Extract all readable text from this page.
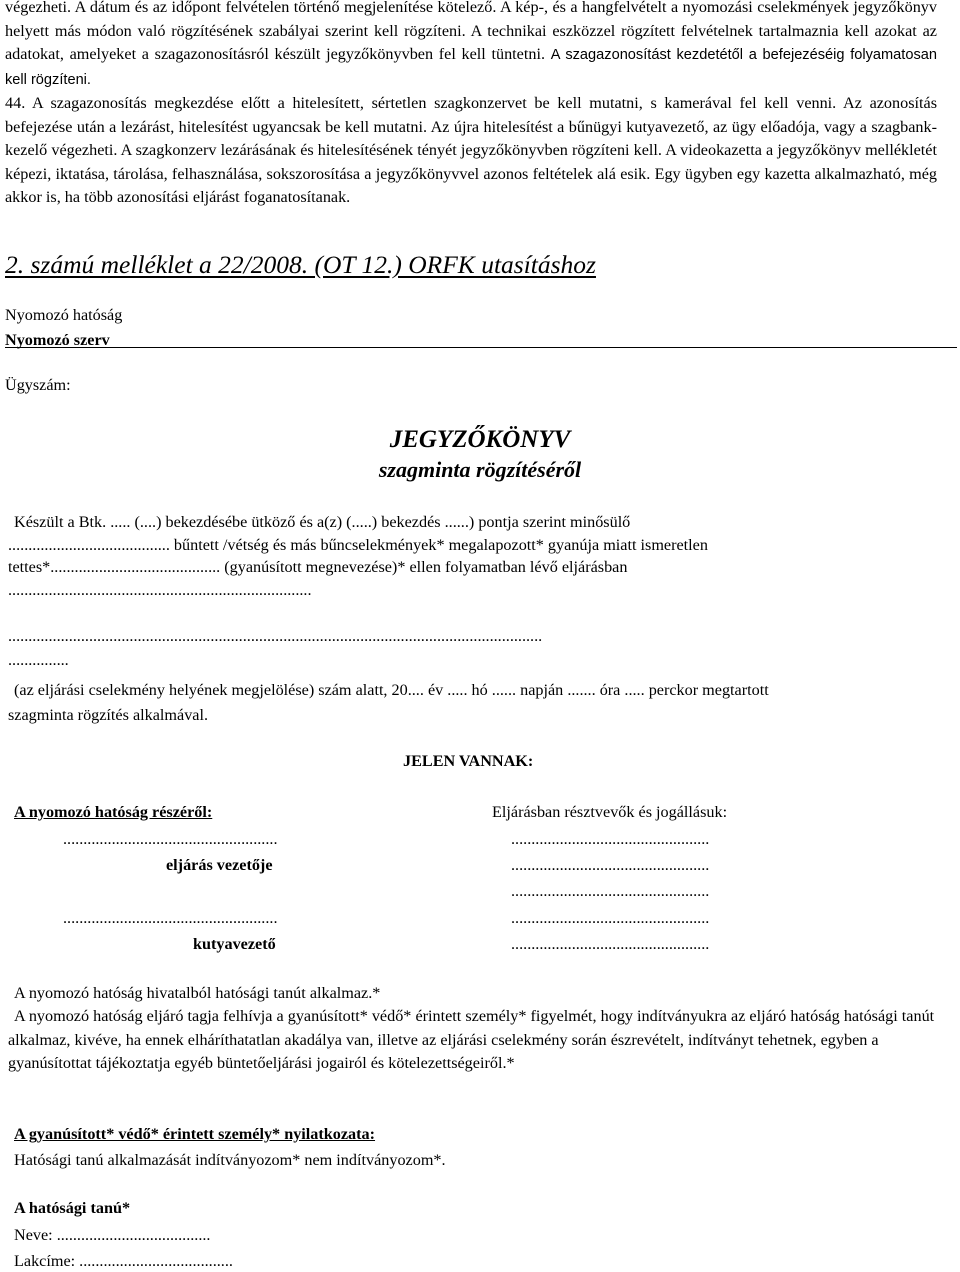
végezheti. A dátum és az időpont felvételen történő megjelenítése kötelező. A kép-, és a hangfelvételt a nyomozási cselekmények jegyzőkönyv helyett más módon való rögzítésének szabályai szerint kell rögzíteni. A technikai eszközzel rögzített felvételnek tartalmaznia kell azokat az adatokat, amelyeket a szagazonosításról készült jegyzőkönyvben fel kell tüntetni. A szagazonosítást kezdetétől a befejezéséig folyamatosan kell rögzíteni.

44. A szagazonosítás megkezdése előtt a hitelesített, sértetlen szagkonzervet be kell mutatni, s kamerával fel kell venni. Az azonosítás befejezése után a lezárást, hitelesítést ugyancsak be kell mutatni. Az újra hitelesítést a bűnügyi kutyavezető, az ügy előadója, vagy a szagbank-kezelő végezheti. A szagkonzerv lezárásának és hitelesítésének tényét jegyzőkönyvben rögzíteni kell. A videokazetta a jegyzőkönyv mellékletét képezi, iktatása, tárolása, felhasználása, sokszorosítása a jegyzőkönyvvel azonos feltételek alá esik. Egy ügyben egy kazetta alkalmazható, még akkor is, ha több azonosítási eljárást foganatosítanak.

2. számú melléklet a 22/2008. (OT 12.) ORFK utasításhoz
Nyomozó hatóság
Nyomozó szerv
Ügyszám:
JEGYZŐKÖNYV
szagminta rögzítéséről
Készült a Btk. ..... (....) bekezdésébe ütköző és a(z) (.....) bekezdés ......) pontja szerint minősülő
........................................ bűntett /vétség és más bűncselekmények* megalapozott* gyanúja miatt ismeretlen
tettes*.......................................... (gyanúsított megnevezése)* ellen folyamatban lévő eljárásban
...........................................................................
....................................................................................................................................
...............
(az eljárási cselekmény helyének megjelölése) szám alatt, 20.... év ..... hó ...... napján ....... óra ..... perckor megtartott
szagminta rögzítés alkalmával.
JELEN VANNAK:
A nyomozó hatóság részéről:	Eljárásban résztvevők és jogállásuk:
.....................................................
eljárás vezetője
.....................................................
kutyavezető
.................................................
.................................................
.................................................
.................................................
.................................................
A nyomozó hatóság hivatalból hatósági tanút alkalmaz.*

A nyomozó hatóság eljáró tagja felhívja a gyanúsított* védő* érintett személy* figyelmét, hogy indítványukra az eljáró hatóság hatósági tanút alkalmaz, kivéve, ha ennek elháríthatatlan akadálya van, illetve az eljárási cselekmény során észrevételt, indítványt tehetnek, egyben a gyanúsítottat tájékoztatja egyéb büntetőeljárási jogairól és kötelezettségeiről.*

A gyanúsított* védő* érintett személy* nyilatkozata:
Hatósági tanú alkalmazását indítványozom* nem indítványozom*.
A hatósági tanú*
Neve: ......................................
Lakcíme: ......................................
